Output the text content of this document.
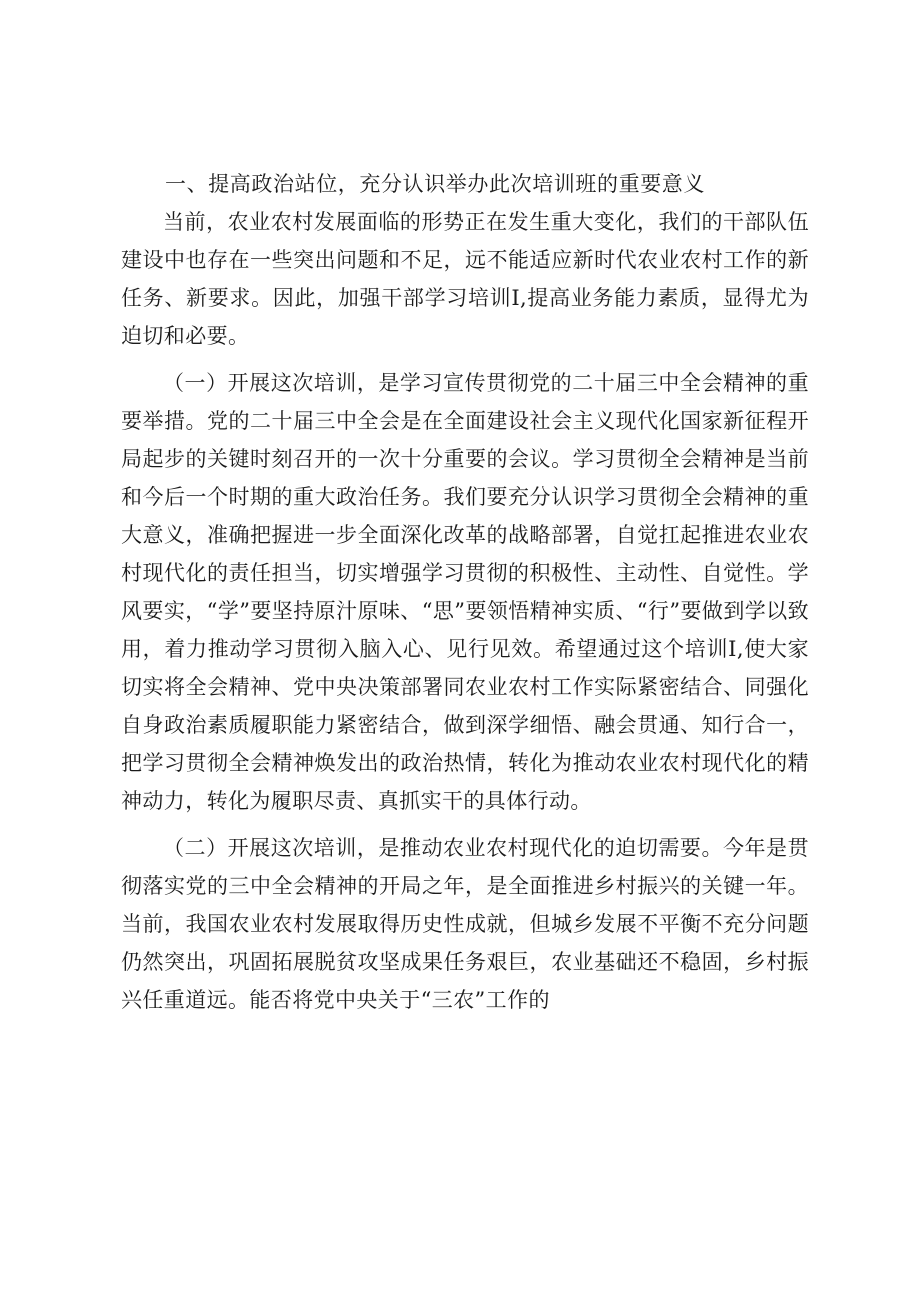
一、提高政治站位，充分认识举办此次培训班的重要意义

当前，农业农村发展面临的形势正在发生重大变化，我们的干部队伍建设中也存在一些突出问题和不足，远不能适应新时代农业农村工作的新任务、新要求。因此，加强干部学习培训I,提高业务能力素质，显得尤为迫切和必要。

（一）开展这次培训，是学习宣传贯彻党的二十届三中全会精神的重要举措。党的二十届三中全会是在全面建设社会主义现代化国家新征程开局起步的关键时刻召开的一次十分重要的会议。学习贯彻全会精神是当前和今后一个时期的重大政治任务。我们要充分认识学习贯彻全会精神的重大意义，准确把握进一步全面深化改革的战略部署，自觉扛起推进农业农村现代化的责任担当，切实增强学习贯彻的积极性、主动性、自觉性。学风要实，“学”要坚持原汁原味、“思”要领悟精神实质、“行”要做到学以致用，着力推动学习贯彻入脑入心、见行见效。希望通过这个培训I,使大家切实将全会精神、党中央决策部署同农业农村工作实际紧密结合、同强化自身政治素质履职能力紧密结合，做到深学细悟、融会贯通、知行合一，把学习贯彻全会精神焕发出的政治热情，转化为推动农业农村现代化的精神动力，转化为履职尽责、真抓实干的具体行动。

（二）开展这次培训，是推动农业农村现代化的迫切需要。今年是贯彻落实党的三中全会精神的开局之年，是全面推进乡村振兴的关键一年。当前，我国农业农村发展取得历史性成就，但城乡发展不平衡不充分问题仍然突出，巩固拓展脱贫攻坚成果任务艰巨，农业基础还不稳固，乡村振兴任重道远。能否将党中央关于“三农”工作的
